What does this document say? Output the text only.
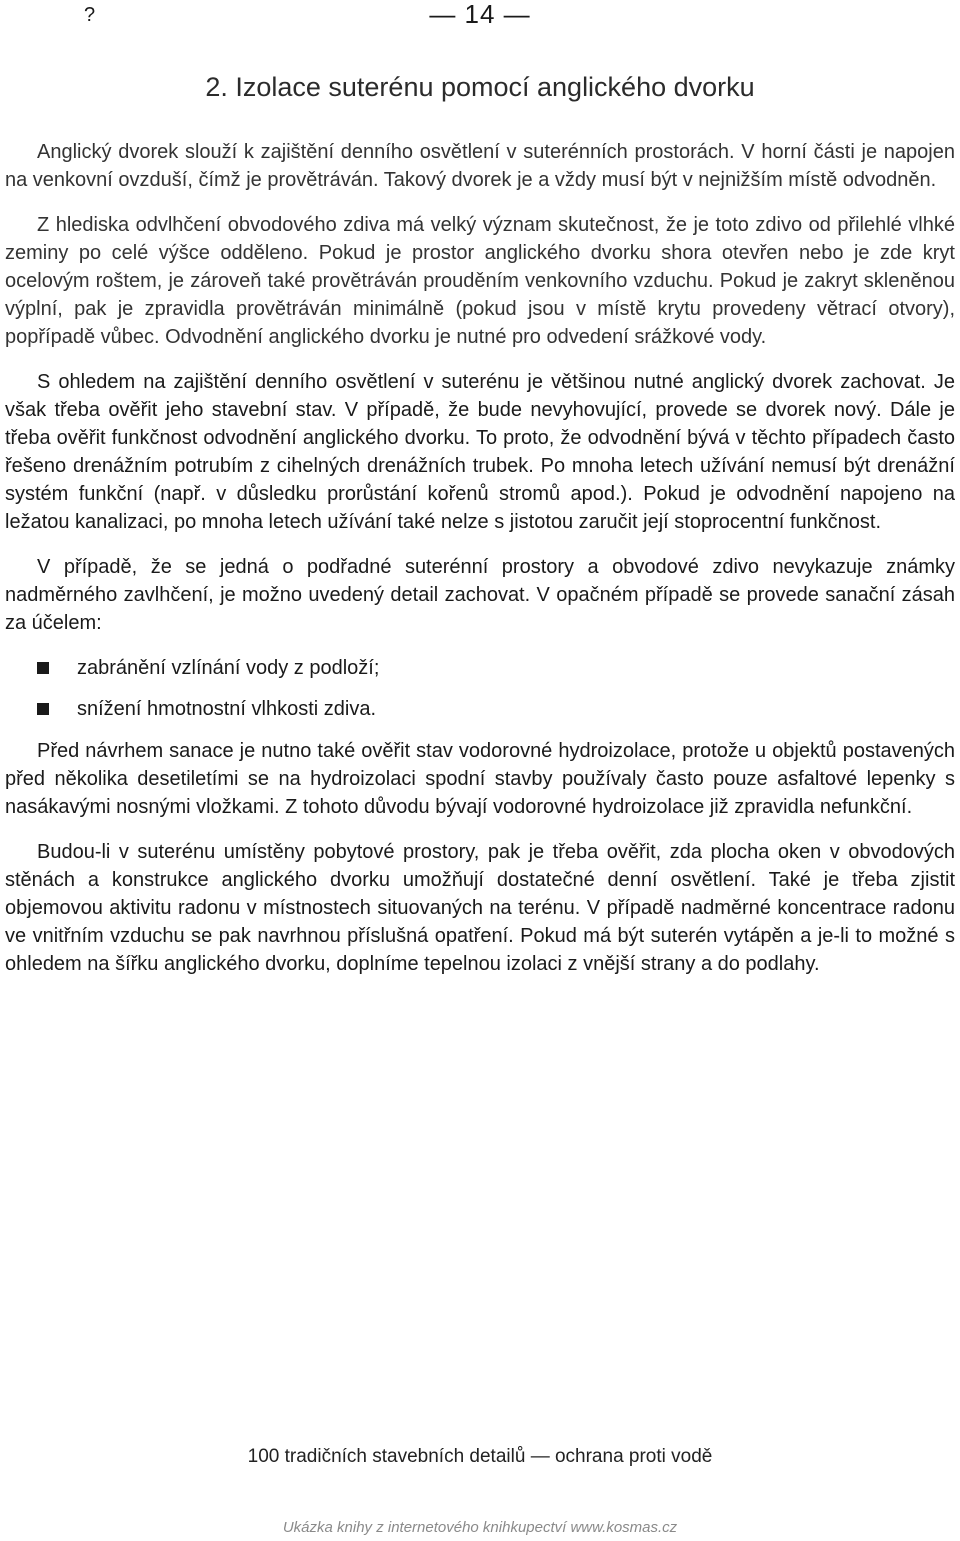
?	— 14 —
2. Izolace suterénu pomocí anglického dvorku

Anglický dvorek slouží k zajištění denního osvětlení v suterénních prostorách. V horní části je napojen na venkovní ovzduší, čímž je provětráván. Takový dvorek je a vždy musí být v nejnižším místě odvodněn.

Z hlediska odvlhčení obvodového zdiva má velký význam skutečnost, že je toto zdivo od přilehlé vlhké zeminy po celé výšce odděleno. Pokud je prostor anglického dvorku shora otevřen nebo je zde kryt ocelovým roštem, je zároveň také provětráván prouděním venkovního vzduchu. Pokud je zakryt skleněnou výplní, pak je zpravidla provětráván minimálně (pokud jsou v místě krytu provedeny větrací otvory), popřípadě vůbec. Odvodnění anglického dvorku je nutné pro odvedení srážkové vody.

S ohledem na zajištění denního osvětlení v suterénu je většinou nutné anglický dvorek zachovat. Je však třeba ověřit jeho stavební stav. V případě, že bude nevyhovující, provede se dvorek nový. Dále je třeba ověřit funkčnost odvodnění anglického dvorku. To proto, že odvodnění bývá v těchto případech často řešeno drenážním potrubím z cihelných drenážních trubek. Po mnoha letech užívání nemusí být drenážní systém funkční (např. v důsledku prorůstání kořenů stromů apod.). Pokud je odvodnění napojeno na ležatou kanalizaci, po mnoha letech užívání také nelze s jistotou zaručit její stoprocentní funkčnost.

V případě, že se jedná o podřadné suterénní prostory a obvodové zdivo nevykazuje známky nadměrného zavlhčení, je možno uvedený detail zachovat. V opačném případě se provede sanační zásah za účelem:

zabránění vzlínání vody z podloží;
snížení hmotnostní vlhkosti zdiva.

Před návrhem sanace je nutno také ověřit stav vodorovné hydroizolace, protože u objektů postavených před několika desetiletími se na hydroizolaci spodní stavby používaly často pouze asfaltové lepenky s nasákavými nosnými vložkami. Z tohoto důvodu bývají vodorovné hydroizolace již zpravidla nefunkční.

Budou-li v suterénu umístěny pobytové prostory, pak je třeba ověřit, zda plocha oken v obvodových stěnách a konstrukce anglického dvorku umožňují dostatečné denní osvětlení. Také je třeba zjistit objemovou aktivitu radonu v místnostech situovaných na terénu. V případě nadměrné koncentrace radonu ve vnitřním vzduchu se pak navrhnou příslušná opatření. Pokud má být suterén vytápěn a je-li to možné s ohledem na šířku anglického dvorku, doplníme tepelnou izolaci z vnější strany a do podlahy.

100 tradičních stavebních detailů — ochrana proti vodě
Ukázka knihy z internetového knihkupectví www.kosmas.cz
